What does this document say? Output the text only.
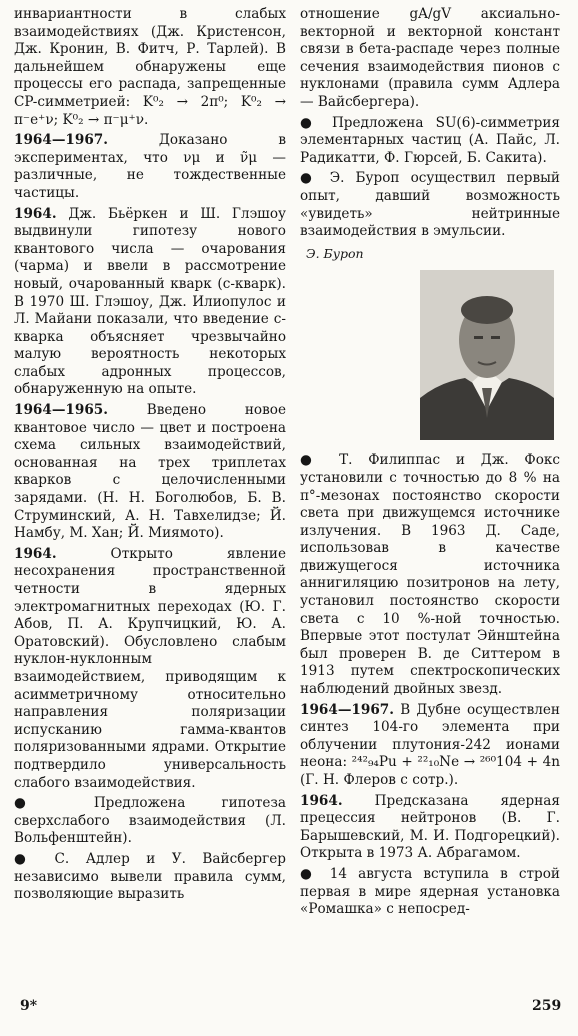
инвариантности в слабых взаимодействиях (Дж. Кристенсон, Дж. Кронин, В. Фитч, Р. Тарлей). В дальнейшем обнаружены еще процессы его распада, запрещенные CP-симметрией: K⁰₂ → 2π⁰; K⁰₂ → π⁻e⁺ν; K⁰₂ → π⁻μ⁺ν.

1964—1967. Доказано в экспериментах, что νμ и ν̃μ — различные, не тождественные частицы.

1964. Дж. Бьёркен и Ш. Глэшоу выдвинули гипотезу нового квантового числа — очарования (чарма) и ввели в рассмотрение новый, очарованный кварк (c-кварк). В 1970 Ш. Глэшоу, Дж. Илиопулос и Л. Майани показали, что введение c-кварка объясняет чрезвычайно малую вероятность некоторых слабых адронных процессов, обнаруженную на опыте.

1964—1965. Введено новое квантовое число — цвет и построена схема сильных взаимодействий, основанная на трех триплетах кварков с целочисленными зарядами. (Н. Н. Боголюбов, Б. В. Струминский, А. Н. Тавхелидзе; Й. Намбу, М. Хан; Й. Миямото).

1964. Открыто явление несохранения пространственной четности в ядерных электромагнитных переходах (Ю. Г. Абов, П. А. Крупчицкий, Ю. А. Оратовский). Обусловлено слабым нуклон-нуклонным взаимодействием, приводящим к асимметричному относительно направления поляризации испусканию гамма-квантов поляризованными ядрами. Открытие подтвердило универсальность слабого взаимодействия.

● Предложена гипотеза сверхслабого взаимодействия (Л. Вольфенштейн).

● С. Адлер и У. Вайсбергер независимо вывели правила сумм, позволяющие выразить

отношение gA/gV аксиально-векторной и векторной констант связи в бета-распаде через полные сечения взаимодействия пионов с нуклонами (правила сумм Адлера — Вайсбергера).

● Предложена SU(6)-симметрия элементарных частиц (А. Пайс, Л. Радикатти, Ф. Гюрсей, Б. Сакита).

● Э. Бурoп осуществил первый опыт, давший возможность «увидеть» нейтринные взаимодействия в эмульсии.

Э. Бурoп

● Т. Филиппас и Дж. Фокс установили с точностью до 8 % на π°-мезонах постоянство скорости света при движущемся источнике излучения. В 1963 Д. Саде, использовав в качестве движущегося источника аннигиляцию позитронов на лету, установил постоянство скорости света с 10 %-ной точностью. Впервые этот постулат Эйнштейна был проверен В. де Ситтером в 1913 путем спектроскопических наблюдений двойных звезд.

1964—1967. В Дубне осуществлен синтез 104-го элемента при облучении плутония-242 ионами неона: ²⁴²₉₄Pu + ²²₁₀Ne → ²⁶⁰104 + 4n (Г. Н. Флеров с сотр.).

1964. Предсказана ядерная прецессия нейтронов (В. Г. Барышевский, М. И. Подгорецкий). Открыта в 1973 А. Абрагамом.

● 14 августа вступила в строй первая в мире ядерная установка «Ромашка» с непосред-

9*	259
